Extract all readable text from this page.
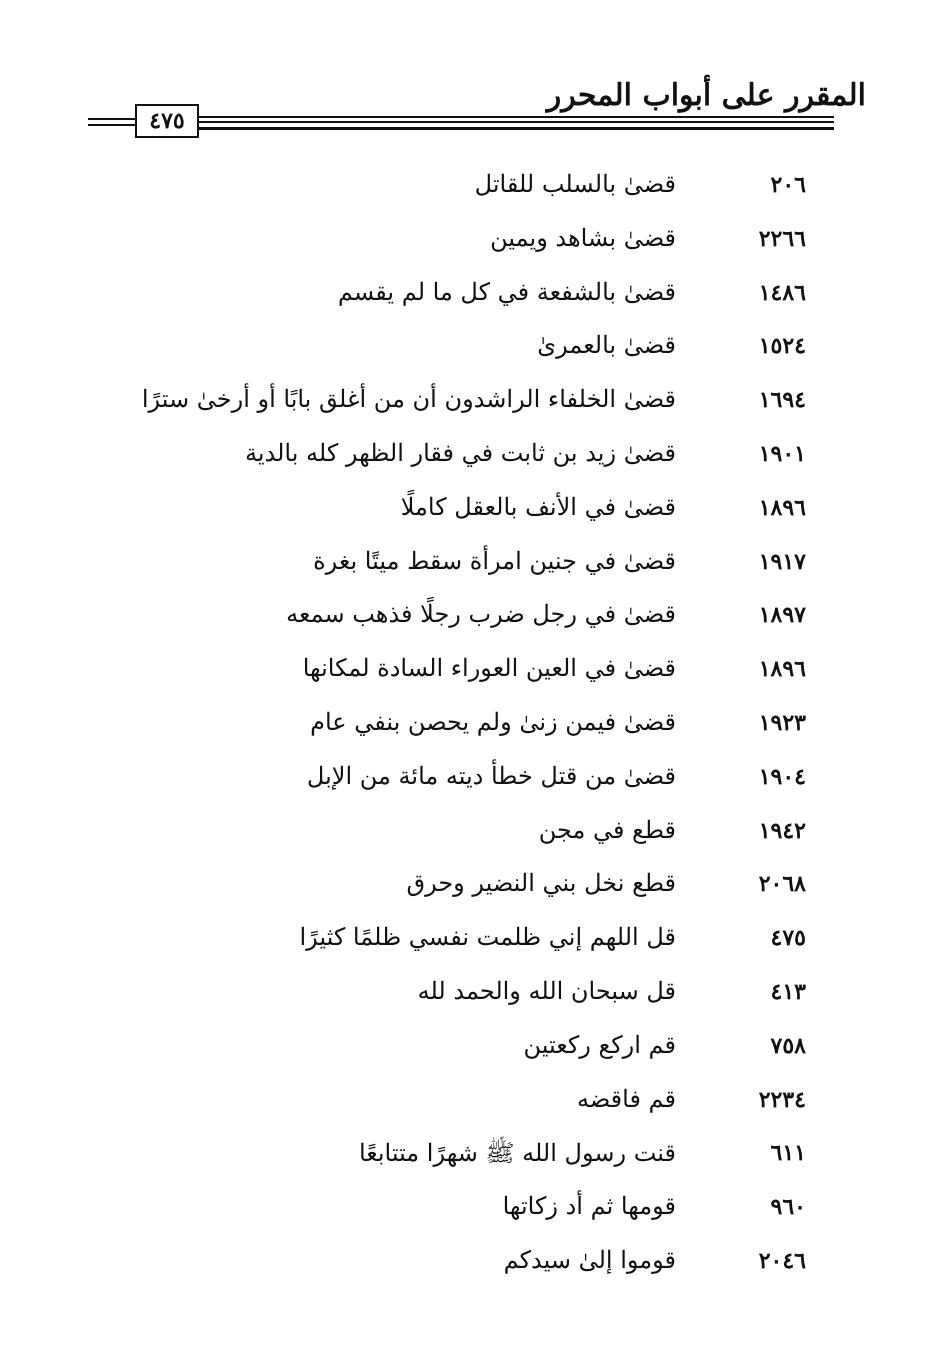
المقرر على أبواب المحرر
٤٧٥
٢٠٦
قضىٰ بالسلب للقاتل
٢٢٦٦
قضىٰ بشاهد ويمين
١٤٨٦
قضىٰ بالشفعة في كل ما لم يقسم
١٥٢٤
قضىٰ بالعمرىٰ
١٦٩٤
قضىٰ الخلفاء الراشدون أن من أغلق بابًا أو أرخىٰ سترًا
١٩٠١
قضىٰ زيد بن ثابت في فقار الظهر كله بالدية
١٨٩٦
قضىٰ في الأنف بالعقل كاملًا
١٩١٧
قضىٰ في جنين امرأة سقط ميتًا بغرة
١٨٩٧
قضىٰ في رجل ضرب رجلًا فذهب سمعه
١٨٩٦
قضىٰ في العين العوراء السادة لمكانها
١٩٢٣
قضىٰ فيمن زنىٰ ولم يحصن بنفي عام
١٩٠٤
قضىٰ من قتل خطأ ديته مائة من الإبل
١٩٤٢
قطع في مجن
٢٠٦٨
قطع نخل بني النضير وحرق
٤٧٥
قل اللهم إني ظلمت نفسي ظلمًا كثيرًا
٤١٣
قل سبحان الله والحمد لله
٧٥٨
قم اركع ركعتين
٢٢٣٤
قم فاقضه
٦١١
قنت رسول الله ﷺ شهرًا متتابعًا
٩٦٠
قومها ثم أد زكاتها
٢٠٤٦
قوموا إلىٰ سيدكم
